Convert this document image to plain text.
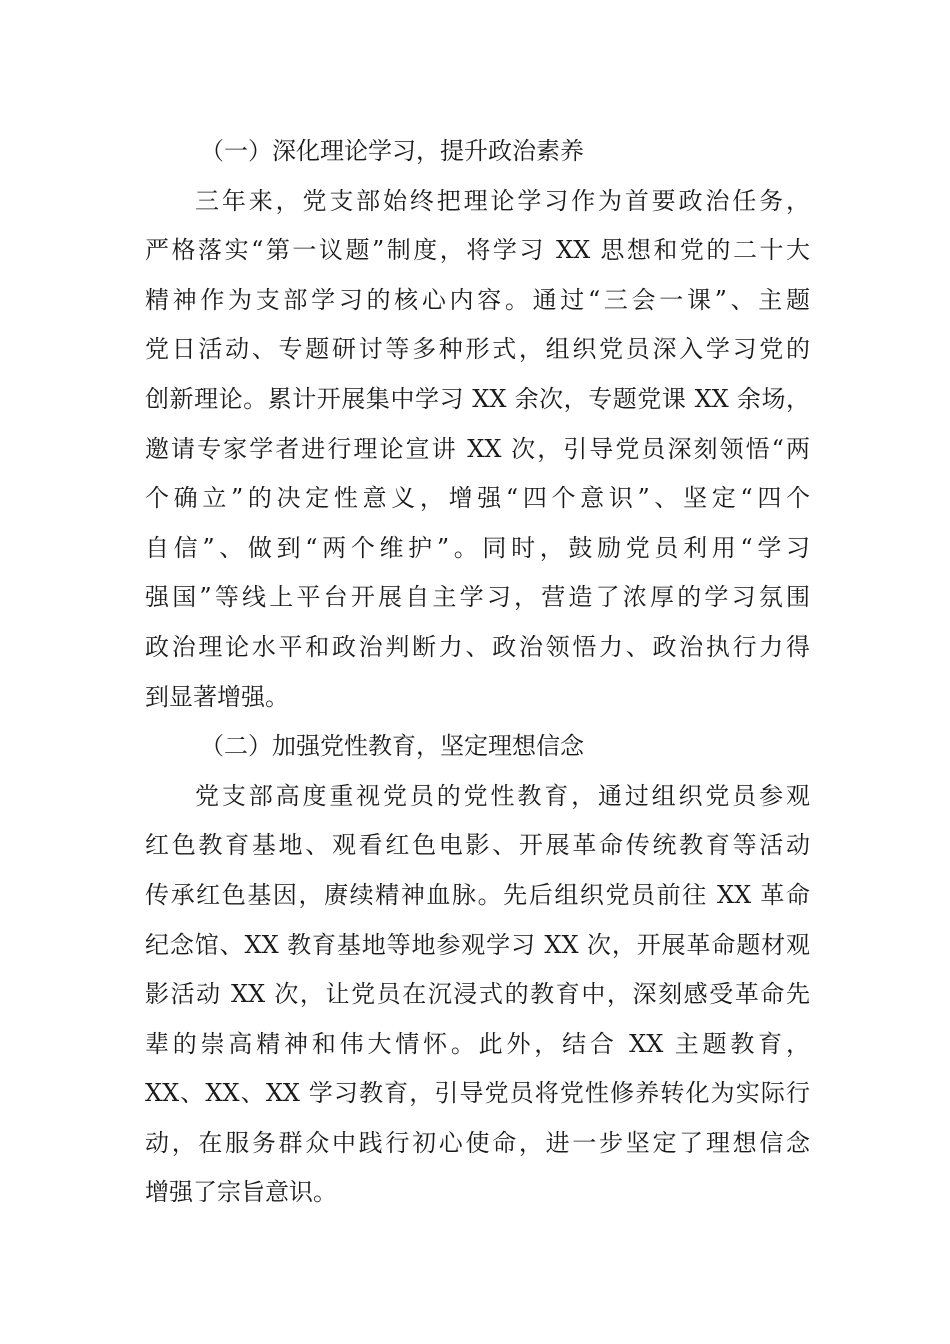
（一）深化理论学习，提升政治素养
三年来，党支部始终把理论学习作为首要政治任务，
严格落实“第一议题”制度，将学习 XX 思想和党的二十大
精神作为支部学习的核心内容。通过“三会一课”、主题
党日活动、专题研讨等多种形式，组织党员深入学习党的
创新理论。累计开展集中学习 XX 余次，专题党课 XX 余场，
邀请专家学者进行理论宣讲 XX 次，引导党员深刻领悟“两
个确立”的决定性意义，增强“四个意识”、坚定“四个
自信”、做到“两个维护”。同时，鼓励党员利用“学习
强国”等线上平台开展自主学习，营造了浓厚的学习氛围
政治理论水平和政治判断力、政治领悟力、政治执行力得
到显著增强。
（二）加强党性教育，坚定理想信念
党支部高度重视党员的党性教育，通过组织党员参观
红色教育基地、观看红色电影、开展革命传统教育等活动
传承红色基因，赓续精神血脉。先后组织党员前往 XX 革命
纪念馆、XX 教育基地等地参观学习 XX 次，开展革命题材观
影活动 XX 次，让党员在沉浸式的教育中，深刻感受革命先
辈的崇高精神和伟大情怀。此外，结合 XX 主题教育，
XX、XX、XX 学习教育，引导党员将党性修养转化为实际行
动，在服务群众中践行初心使命，进一步坚定了理想信念
增强了宗旨意识。
